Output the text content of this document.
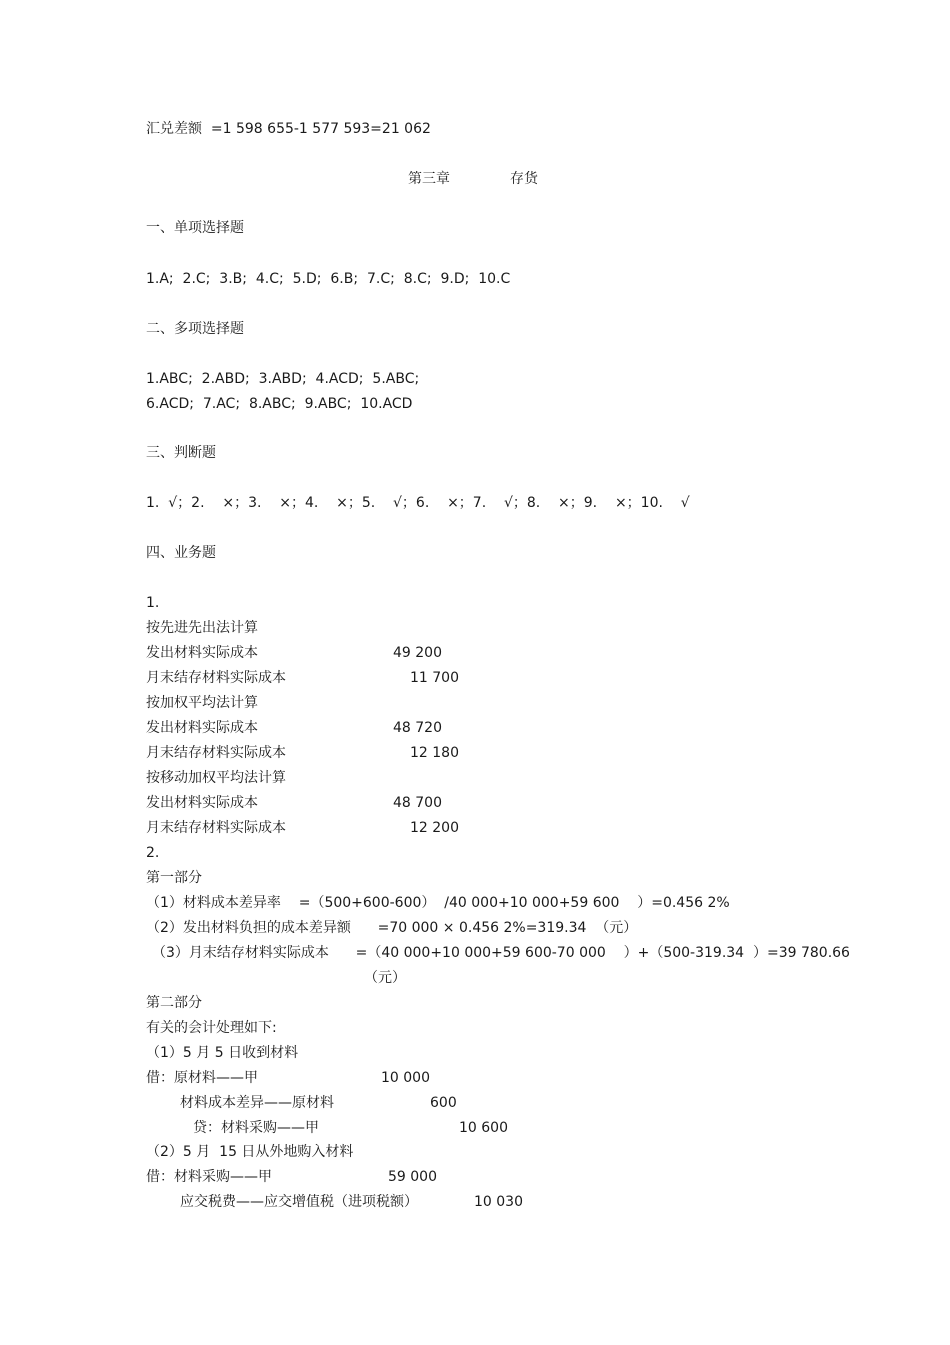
汇兑差额  =1 598 655-1 577 593=21 062
第三章	存货
一、单项选择题
1.A;  2.C;  3.B;  4.C;  5.D;  6.B;  7.C;  8.C;  9.D;  10.C
二、多项选择题
1.ABC;  2.ABD;  3.ABD;  4.ACD;  5.ABC;
6.ACD;  7.AC;  8.ABC;  9.ABC;  10.ACD
三、判断题
1.  √；2.    ×；3.    ×；4.    ×；5.    √；6.    ×；7.    √；8.    ×；9.    ×；10.    √
四、业务题
1.
按先进先出法计算
发出材料实际成本	49 200
月末结存材料实际成本	11 700
按加权平均法计算
发出材料实际成本	48 720
月末结存材料实际成本	12 180
按移动加权平均法计算
发出材料实际成本	48 700
月末结存材料实际成本	12 200
2.
第一部分
（1）材料成本差异率    =（500+600-600）  /40 000+10 000+59 600    ）=0.456 2%
（2）发出材料负担的成本差异额      =70 000 × 0.456 2%=319.34  （元）
（3）月末结存材料实际成本      =（40 000+10 000+59 600-70 000    ）+（500-319.34  ）=39 780.66
（元）
第二部分
有关的会计处理如下:
（1）5 月 5 日收到材料
借：原材料——甲	10 000
材料成本差异——原材料	600
贷：材料采购——甲	10 600
（2）5 月  15 日从外地购入材料
借：材料采购——甲	59 000
应交税费——应交增值税（进项税额）	10 030
